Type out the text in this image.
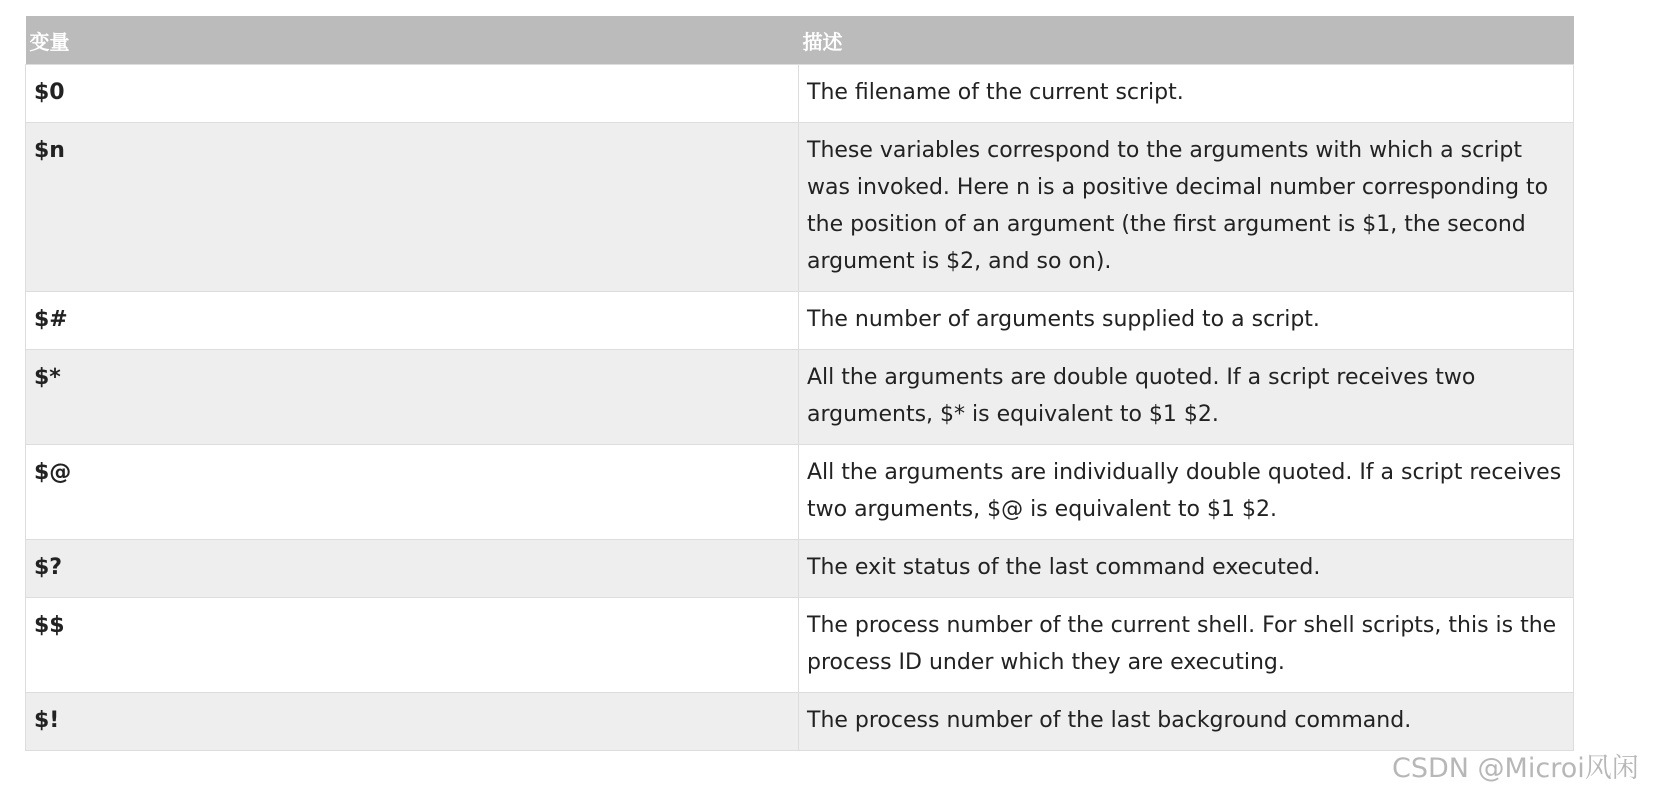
变量	描述
$0	The filename of the current script.
$n	These variables correspond to the arguments with which a script was invoked. Here n is a positive decimal number corresponding to the position of an argument (the first argument is $1, the second argument is $2, and so on).
$#	The number of arguments supplied to a script.
$*	All the arguments are double quoted. If a script receives two arguments, $* is equivalent to $1 $2.
$@	All the arguments are individually double quoted. If a script receives two arguments, $@ is equivalent to $1 $2.
$?	The exit status of the last command executed.
$$	The process number of the current shell. For shell scripts, this is the process ID under which they are executing.
$!	The process number of the last background command.
CSDN @Microi风闲
